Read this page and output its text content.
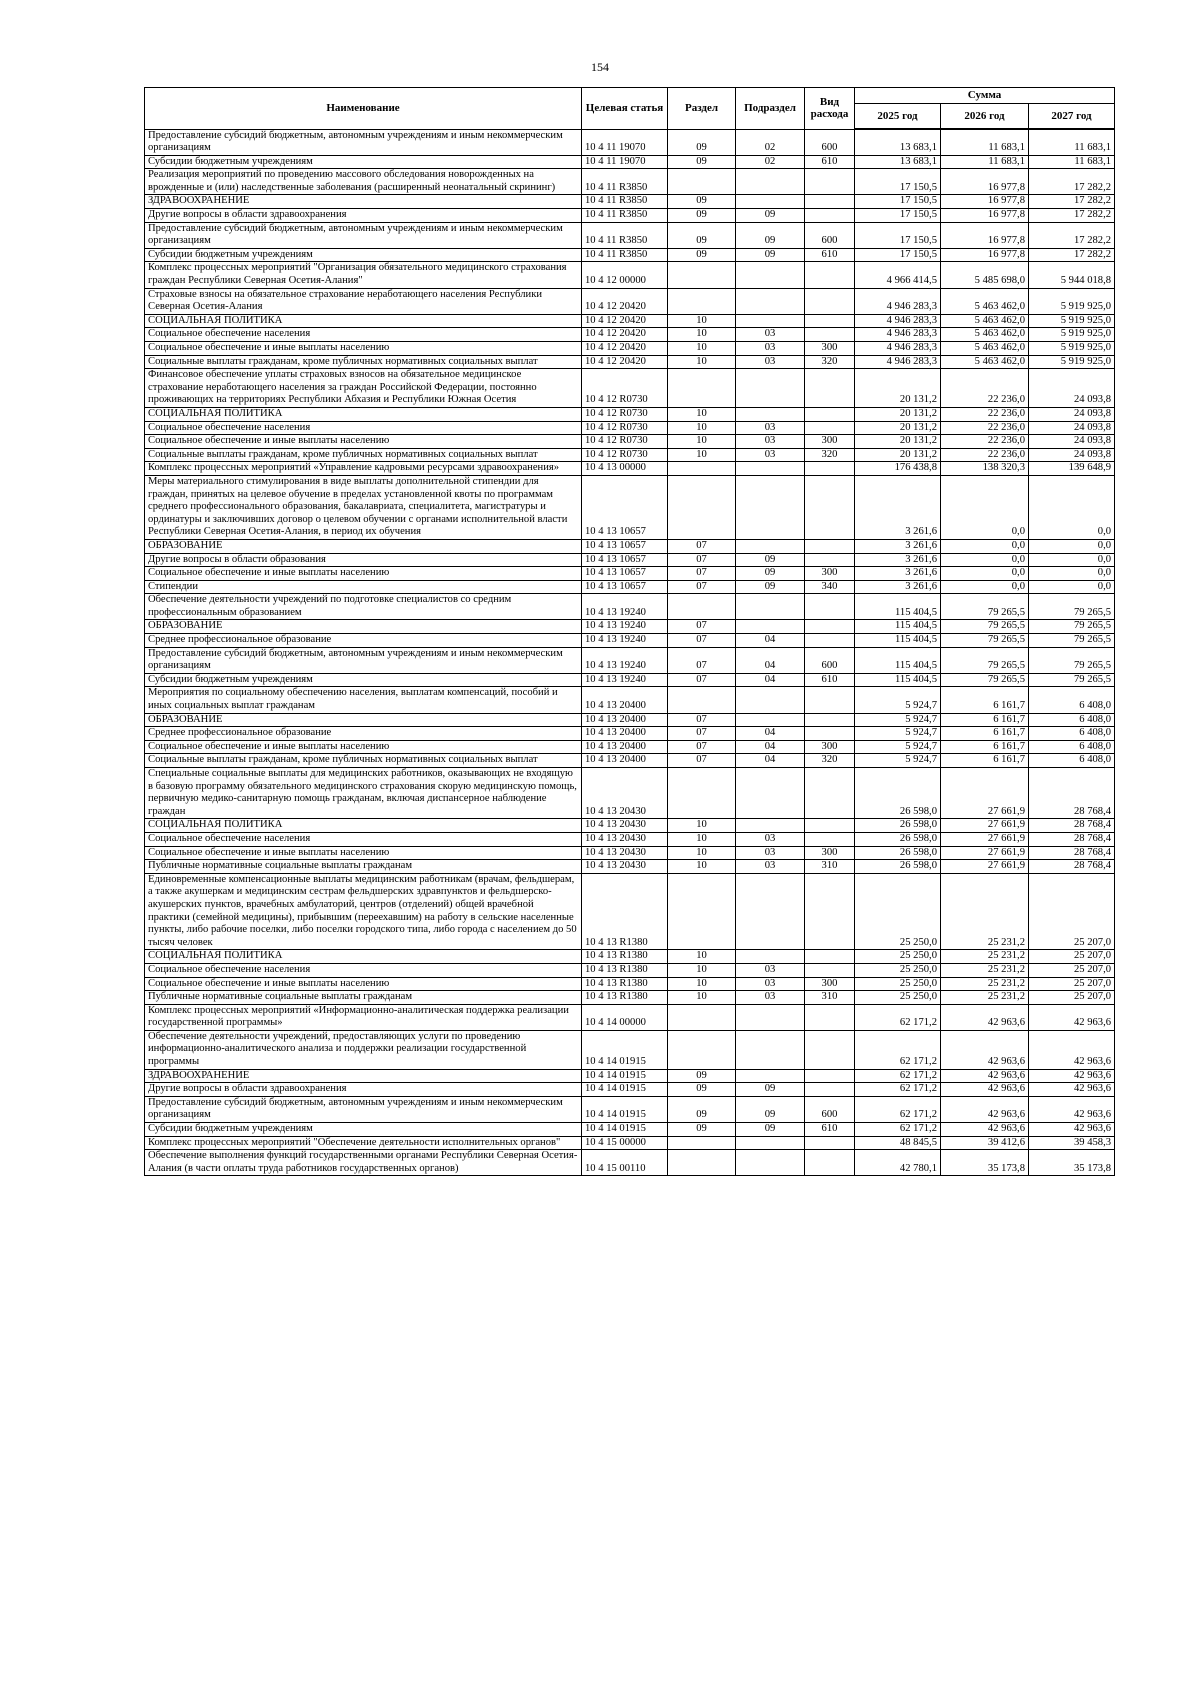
154
Наименование	Целевая статья	Раздел	Подраздел	Вид расхода	Сумма		
					2025 год	2026 год	2027 год
Предоставление субсидий бюджетным, автономным учреждениям и иным некоммерческим организациям	10 4 11 19070	09	02	600	13 683,1	11 683,1	11 683,1
Субсидии бюджетным учреждениям	10 4 11 19070	09	02	610	13 683,1	11 683,1	11 683,1
Реализация мероприятий по проведению массового обследования новорожденных на врожденные и (или) наследственные заболевания (расширенный неонатальный скрининг)	10 4 11 R3850				17 150,5	16 977,8	17 282,2
ЗДРАВООХРАНЕНИЕ	10 4 11 R3850	09			17 150,5	16 977,8	17 282,2
Другие вопросы в области здравоохранения	10 4 11 R3850	09	09		17 150,5	16 977,8	17 282,2
Предоставление субсидий бюджетным, автономным учреждениям и иным некоммерческим организациям	10 4 11 R3850	09	09	600	17 150,5	16 977,8	17 282,2
Субсидии бюджетным учреждениям	10 4 11 R3850	09	09	610	17 150,5	16 977,8	17 282,2
Комплекс процессных мероприятий "Организация обязательного медицинского страхования граждан Республики Северная Осетия-Алания"	10 4 12 00000				4 966 414,5	5 485 698,0	5 944 018,8
Страховые взносы на обязательное страхование неработающего населения Республики Северная Осетия-Алания	10 4 12 20420				4 946 283,3	5 463 462,0	5 919 925,0
СОЦИАЛЬНАЯ ПОЛИТИКА	10 4 12 20420	10			4 946 283,3	5 463 462,0	5 919 925,0
Социальное обеспечение населения	10 4 12 20420	10	03		4 946 283,3	5 463 462,0	5 919 925,0
Социальное обеспечение и иные выплаты населению	10 4 12 20420	10	03	300	4 946 283,3	5 463 462,0	5 919 925,0
Социальные выплаты гражданам, кроме публичных нормативных социальных выплат	10 4 12 20420	10	03	320	4 946 283,3	5 463 462,0	5 919 925,0
Финансовое обеспечение уплаты страховых взносов на обязательное медицинское страхование неработающего населения за граждан Российской Федерации, постоянно проживающих на территориях Республики Абхазия и Республики Южная Осетия	10 4 12 R0730				20 131,2	22 236,0	24 093,8
СОЦИАЛЬНАЯ ПОЛИТИКА	10 4 12 R0730	10			20 131,2	22 236,0	24 093,8
Социальное обеспечение населения	10 4 12 R0730	10	03		20 131,2	22 236,0	24 093,8
Социальное обеспечение и иные выплаты населению	10 4 12 R0730	10	03	300	20 131,2	22 236,0	24 093,8
Социальные выплаты гражданам, кроме публичных нормативных социальных выплат	10 4 12 R0730	10	03	320	20 131,2	22 236,0	24 093,8
Комплекс процессных мероприятий «Управление кадровыми ресурсами здравоохранения»	10 4 13 00000				176 438,8	138 320,3	139 648,9
Меры материального стимулирования в виде выплаты дополнительной стипендии для граждан, принятых на целевое обучение в пределах установленной квоты по программам среднего профессионального образования, бакалавриата, специалитета, магистратуры и ординатуры и заключивших договор о целевом обучении с органами исполнительной власти Республики Северная Осетия-Алания, в период их обучения	10 4 13 10657				3 261,6	0,0	0,0
ОБРАЗОВАНИЕ	10 4 13 10657	07			3 261,6	0,0	0,0
Другие вопросы в области образования	10 4 13 10657	07	09		3 261,6	0,0	0,0
Социальное обеспечение и иные выплаты населению	10 4 13 10657	07	09	300	3 261,6	0,0	0,0
Стипендии	10 4 13 10657	07	09	340	3 261,6	0,0	0,0
Обеспечение деятельности учреждений по подготовке специалистов со средним профессиональным образованием	10 4 13 19240				115 404,5	79 265,5	79 265,5
ОБРАЗОВАНИЕ	10 4 13 19240	07			115 404,5	79 265,5	79 265,5
Среднее профессиональное образование	10 4 13 19240	07	04		115 404,5	79 265,5	79 265,5
Предоставление субсидий бюджетным, автономным учреждениям и иным некоммерческим организациям	10 4 13 19240	07	04	600	115 404,5	79 265,5	79 265,5
Субсидии бюджетным учреждениям	10 4 13 19240	07	04	610	115 404,5	79 265,5	79 265,5
Мероприятия по социальному обеспечению населения, выплатам компенсаций, пособий и иных социальных выплат гражданам	10 4 13 20400				5 924,7	6 161,7	6 408,0
ОБРАЗОВАНИЕ	10 4 13 20400	07			5 924,7	6 161,7	6 408,0
Среднее профессиональное образование	10 4 13 20400	07	04		5 924,7	6 161,7	6 408,0
Социальное обеспечение и иные выплаты населению	10 4 13 20400	07	04	300	5 924,7	6 161,7	6 408,0
Социальные выплаты гражданам, кроме публичных нормативных социальных выплат	10 4 13 20400	07	04	320	5 924,7	6 161,7	6 408,0
Специальные социальные выплаты для медицинских работников, оказывающих не входящую в базовую программу обязательного медицинского страхования скорую медицинскую помощь, первичную медико-санитарную помощь гражданам, включая диспансерное наблюдение граждан	10 4 13 20430				26 598,0	27 661,9	28 768,4
СОЦИАЛЬНАЯ ПОЛИТИКА	10 4 13 20430	10			26 598,0	27 661,9	28 768,4
Социальное обеспечение населения	10 4 13 20430	10	03		26 598,0	27 661,9	28 768,4
Социальное обеспечение и иные выплаты населению	10 4 13 20430	10	03	300	26 598,0	27 661,9	28 768,4
Публичные нормативные социальные выплаты гражданам	10 4 13 20430	10	03	310	26 598,0	27 661,9	28 768,4
Единовременные компенсационные выплаты медицинским работникам (врачам, фельдшерам, а также акушеркам и медицинским сестрам фельдшерских здравпунктов и фельдшерско-акушерских пунктов, врачебных амбулаторий, центров (отделений) общей врачебной практики (семейной медицины), прибывшим (переехавшим) на работу в сельские населенные пункты, либо рабочие поселки, либо поселки городского типа, либо города с населением до 50 тысяч человек	10 4 13 R1380				25 250,0	25 231,2	25 207,0
СОЦИАЛЬНАЯ ПОЛИТИКА	10 4 13 R1380	10			25 250,0	25 231,2	25 207,0
Социальное обеспечение населения	10 4 13 R1380	10	03		25 250,0	25 231,2	25 207,0
Социальное обеспечение и иные выплаты населению	10 4 13 R1380	10	03	300	25 250,0	25 231,2	25 207,0
Публичные нормативные социальные выплаты гражданам	10 4 13 R1380	10	03	310	25 250,0	25 231,2	25 207,0
Комплекс процессных мероприятий «Информационно-аналитическая поддержка реализации государственной программы»	10 4 14 00000				62 171,2	42 963,6	42 963,6
Обеспечение деятельности учреждений, предоставляющих услуги по проведению информационно-аналитического анализа и поддержки реализации государственной программы	10 4 14 01915				62 171,2	42 963,6	42 963,6
ЗДРАВООХРАНЕНИЕ	10 4 14 01915	09			62 171,2	42 963,6	42 963,6
Другие вопросы в области здравоохранения	10 4 14 01915	09	09		62 171,2	42 963,6	42 963,6
Предоставление субсидий бюджетным, автономным учреждениям и иным некоммерческим организациям	10 4 14 01915	09	09	600	62 171,2	42 963,6	42 963,6
Субсидии бюджетным учреждениям	10 4 14 01915	09	09	610	62 171,2	42 963,6	42 963,6
Комплекс процессных мероприятий "Обеспечение деятельности исполнительных органов"	10 4 15 00000				48 845,5	39 412,6	39 458,3
Обеспечение выполнения функций государственными органами Республики Северная Осетия-Алания (в части оплаты труда работников государственных органов)	10 4 15 00110				42 780,1	35 173,8	35 173,8
